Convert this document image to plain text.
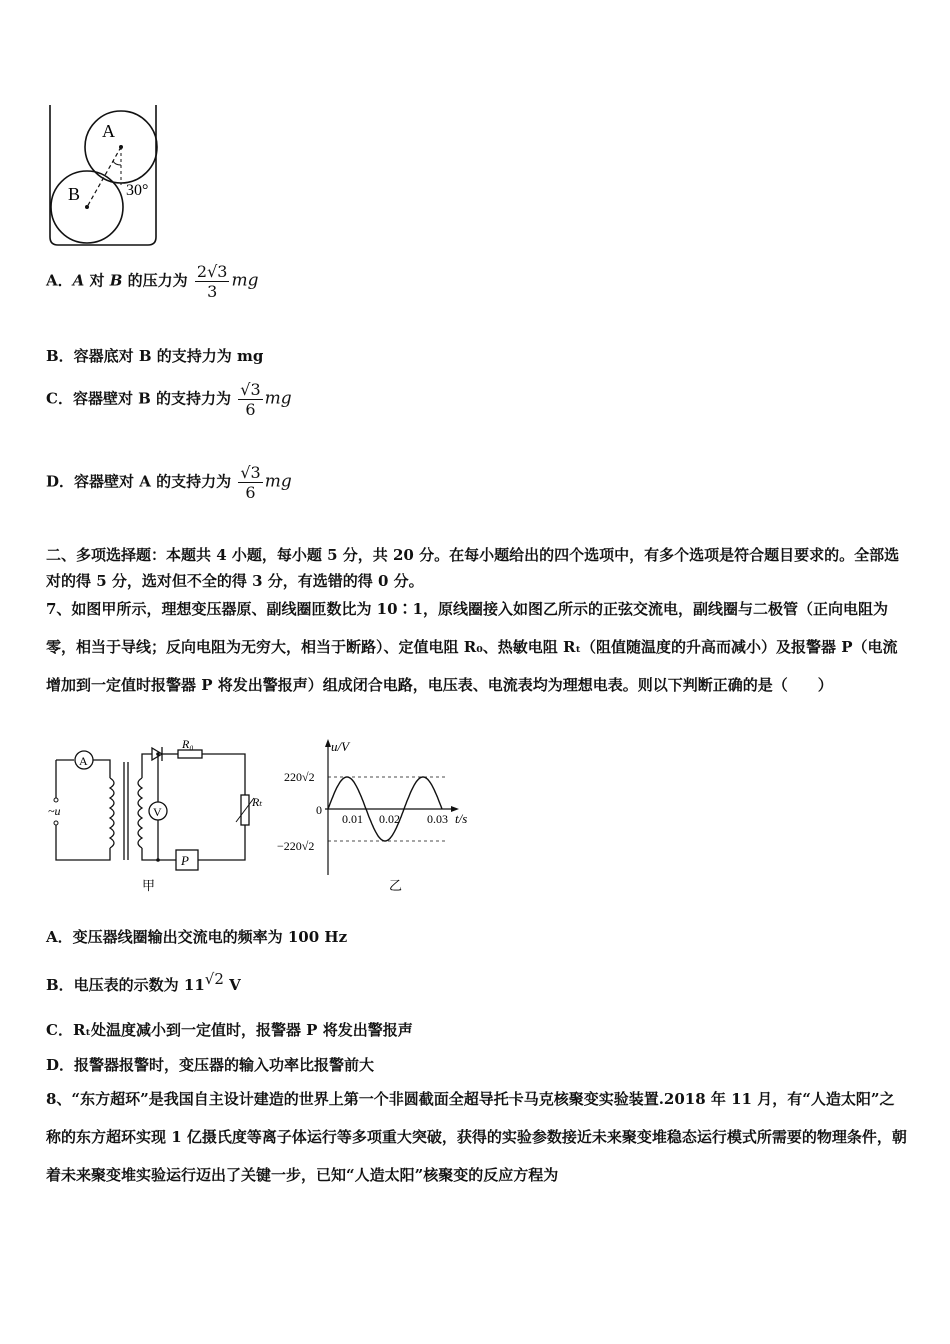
A
B	30°
A．A 对 B 的压力为 $\frac{2√3}{3}$ mg
B．容器底对 B 的支持力为 mg
C．容器壁对 B 的支持力为 $\frac{√3}{6}$ mg
D．容器壁对 A 的支持力为 $\frac{√3}{6}$ mg
二、多项选择题：本题共 4 小题，每小题 5 分，共 20 分。在每小题给出的四个选项中，有多个选项是符合题目要求的。全部选对的得 5 分，选对但不全的得 3 分，有选错的得 0 分。
7、如图甲所示，理想变压器原、副线圈匝数比为 10∶1，原线圈接入如图乙所示的正弦交流电，副线圈与二极管（正向电阻为零，相当于导线；反向电阻为无穷大，相当于断路）、定值电阻 R₀、热敏电阻 Rₜ（阻值随温度的升高而减小）及报警器 P（电流增加到一定值时报警器 P 将发出警报声）组成闭合电路，电压表、电流表均为理想电表。则以下判断正确的是（　　）
A
~u
R₀
Rₜ
P
V
甲
u/V
t/s
0
220√2
−220√2
0.01 0.02 0.03
乙
A．变压器线圈输出交流电的频率为 100 Hz
B．电压表的示数为 $11^{√2}$ V
C．Rₜ处温度减小到一定值时，报警器 P 将发出警报声
D．报警器报警时，变压器的输入功率比报警前大
8、“东方超环”是我国自主设计建造的世界上第一个非圆截面全超导托卡马克核聚变实验装置.2018 年 11 月，有“人造太阳”之称的东方超环实现 1 亿摄氏度等离子体运行等多项重大突破，获得的实验参数接近未来聚变堆稳态运行模式所需要的物理条件，朝着未来聚变堆实验运行迈出了关键一步，已知“人造太阳”核聚变的反应方程为
